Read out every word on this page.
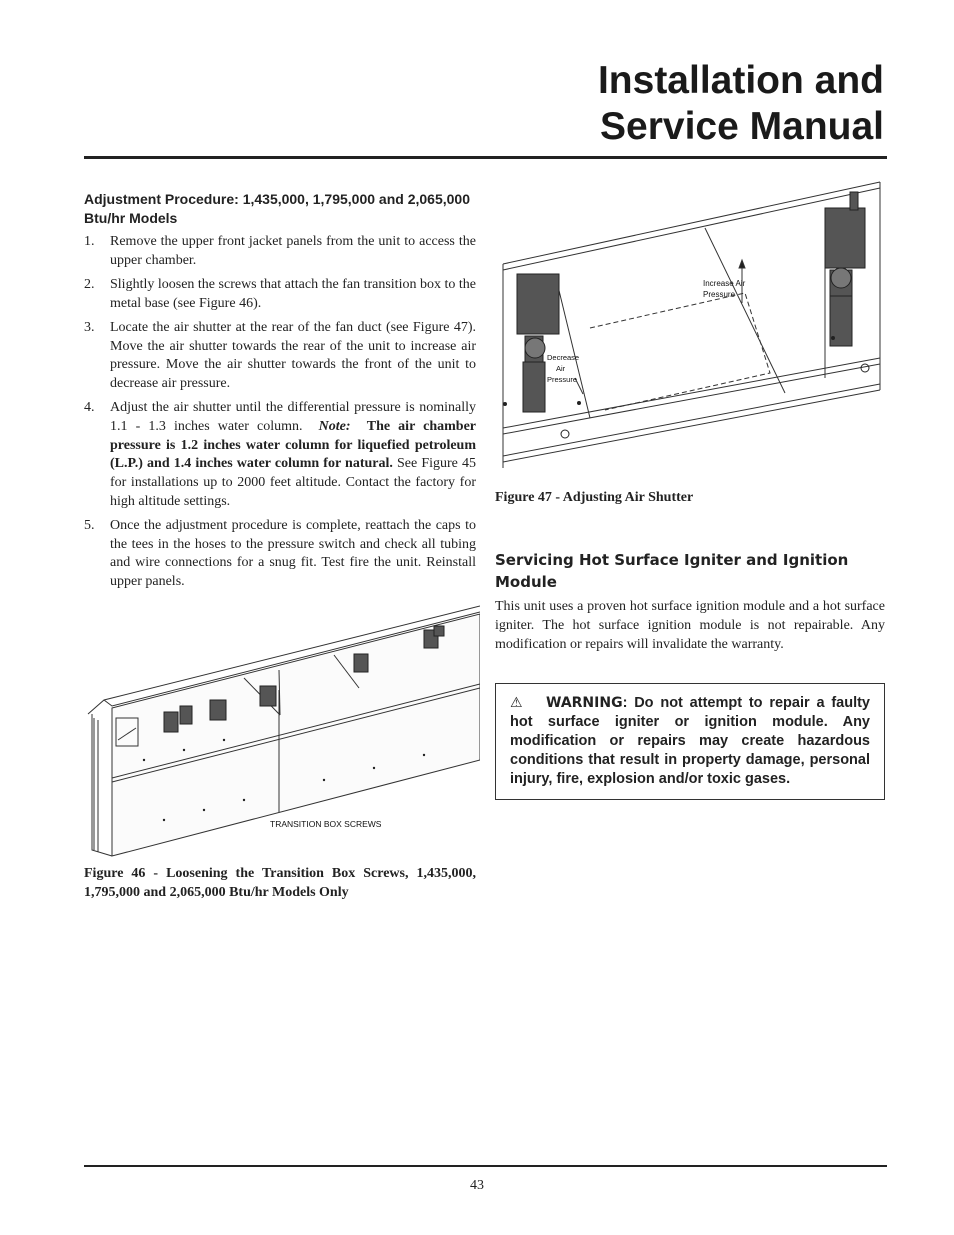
Installation and
Service Manual
Adjustment Procedure: 1,435,000, 1,795,000 and 2,065,000 Btu/hr Models
1. Remove the upper front jacket panels from the unit to access the upper chamber.
2. Slightly loosen the screws that attach the fan transition box to the metal base (see Figure 46).
3. Locate the air shutter at the rear of the fan duct (see Figure 47). Move the air shutter towards the rear of the unit to increase air pressure. Move the air shutter towards the front of the unit to decrease air pressure.
4. Adjust the air shutter until the differential pressure is nominally 1.1 - 1.3 inches water column. Note: The air chamber pressure is 1.2 inches water column for liquefied petroleum (L.P.) and 1.4 inches water column for natural. See Figure 45 for installations up to 2000 feet altitude. Contact the factory for high altitude settings.
5. Once the adjustment procedure is complete, reattach the caps to the tees in the hoses to the pressure switch and check all tubing and wire connections for a snug fit. Test fire the unit. Reinstall upper panels.
TRANSITION BOX SCREWS
Figure 46 - Loosening the Transition Box Screws, 1,435,000, 1,795,000 and 2,065,000 Btu/hr Models Only
Increase Air
Pressure
Decrease
Air
Pressure
Figure 47 - Adjusting Air Shutter
Servicing Hot Surface Igniter and Ignition Module
This unit uses a proven hot surface ignition module and a hot surface igniter. The hot surface ignition module is not repairable. Any modification or repairs will invalidate the warranty.
⚠ WARNING: Do not attempt to repair a faulty hot surface igniter or ignition module. Any modification or repairs may create hazardous conditions that result in property damage, personal injury, fire, explosion and/or toxic gases.
43
